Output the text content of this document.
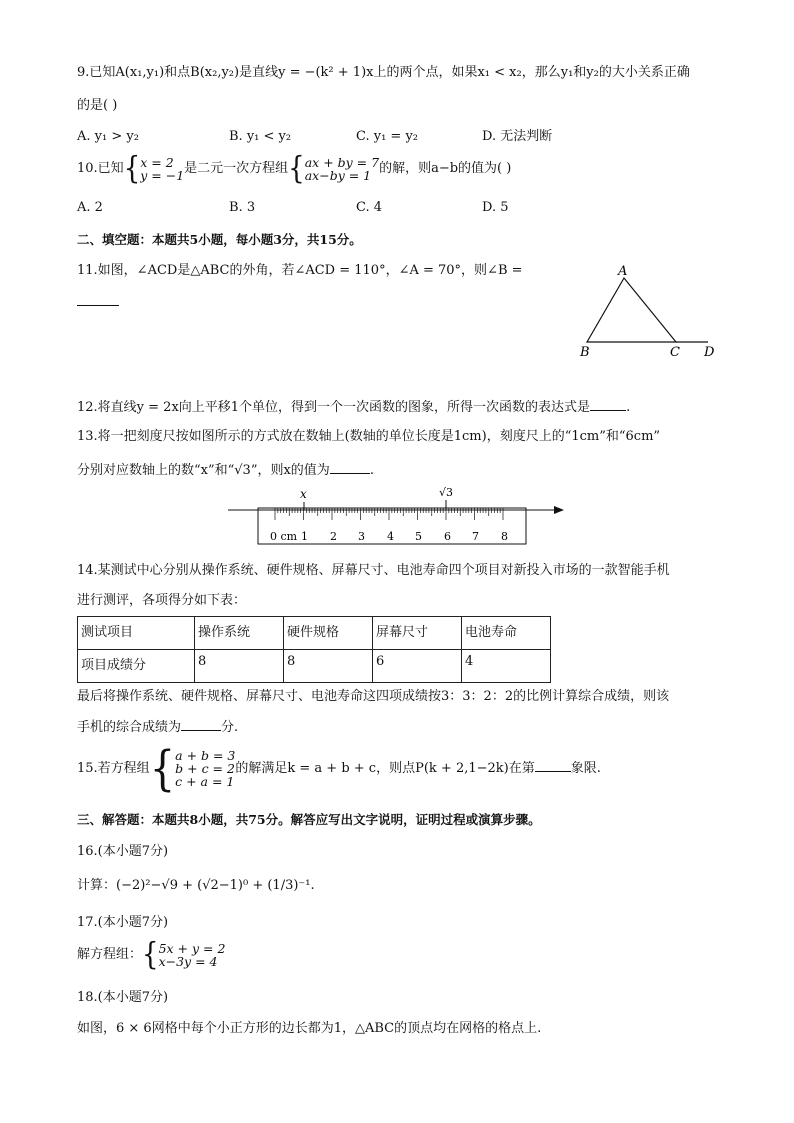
9.已知A(x₁,y₁)和点B(x₂,y₂)是直线y = −(k² + 1)x上的两个点，如果x₁ < x₂，那么y₁和y₂的大小关系正确
的是( )
A. y₁ > y₂	B. y₁ < y₂	C. y₁ = y₂	D. 无法判断
10.已知{x = 2
y = −1是二元一次方程组{ax + by = 7
ax−by = 1 的解，则a−b的值为( )
A. 2	B. 3	C. 4	D. 5
二、填空题：本题共5小题，每小题3分，共15分。
11.如图，∠ACD是△ABC的外角，若∠ACD = 110°，∠A = 70°，则∠B =	A
B	C D
12.将直线y = 2x向上平移1个单位，得到一个一次函数的图象，所得一次函数的表达式是	.
13.将一把刻度尺按如图所示的方式放在数轴上(数轴的单位长度是1cm)，刻度尺上的“1cm”和“6cm”
分别对应数轴上的数“x”和“√3”，则x的值为	.
x	√3
0 cm 1 2 3 4 5 6 7 8
14.某测试中心分别从操作系统、硬件规格、屏幕尺寸、电池寿命四个项目对新投入市场的一款智能手机
进行测评，各项得分如下表：
测试项目	操作系统	硬件规格	屏幕尺寸	电池寿命
项目成绩分	8	8	6	4
最后将操作系统、硬件规格、屏幕尺寸、电池寿命这四项成绩按3：3：2：2的比例计算综合成绩，则该
手机的综合成绩为	分.
15.若方程组{a + b = 3
b + c = 2
c + a = 1的解满足k = a + b + c，则点P(k + 2,1−2k)在第	象限.
三、解答题：本题共8小题，共75分。解答应写出文字说明，证明过程或演算步骤。
16.(本小题7分)
计算：(−2)²−√9 + (√2−1)⁰ + (1/3)⁻¹.
17.(本小题7分)
解方程组：{5x + y = 2
x−3y = 4
18.(本小题7分)
如图，6 × 6网格中每个小正方形的边长都为1，△ABC的顶点均在网格的格点上.
